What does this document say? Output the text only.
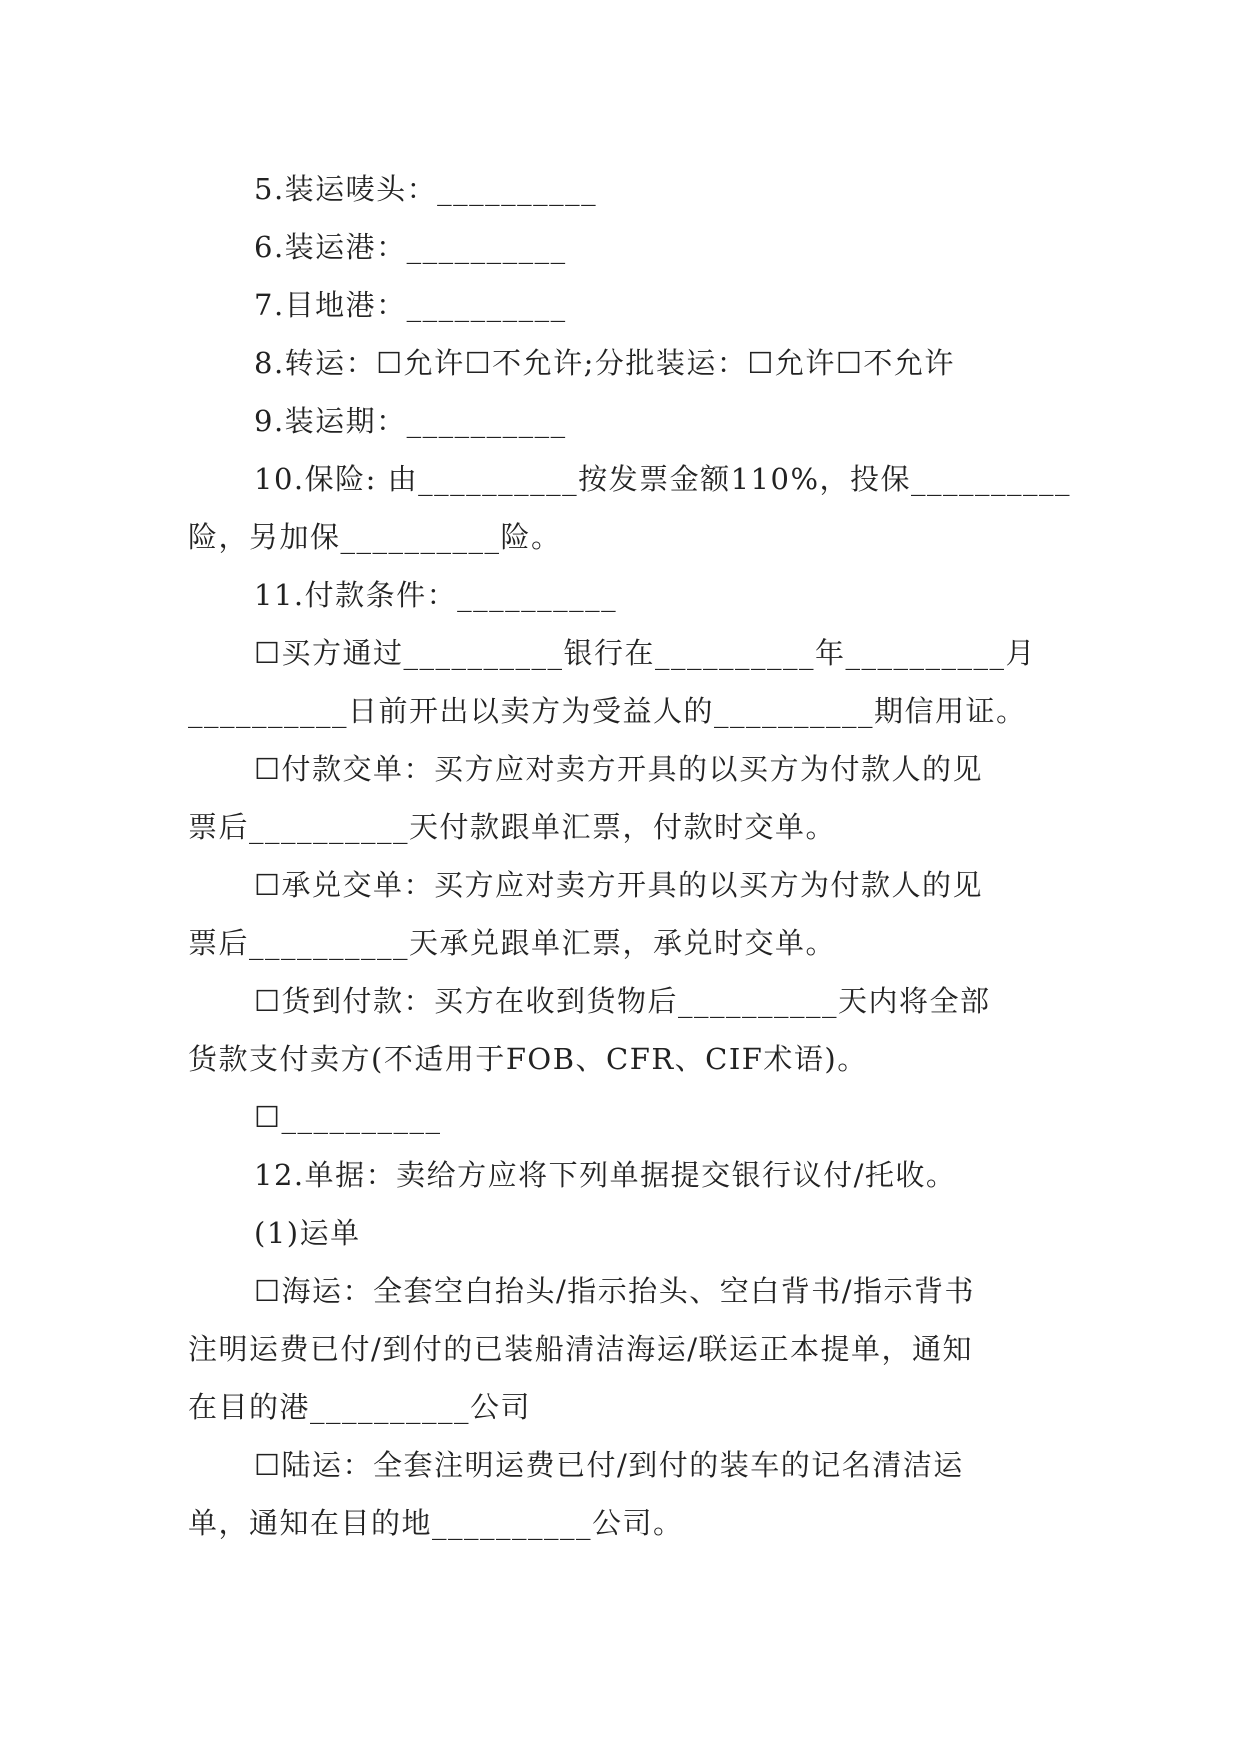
5.装运唛头：__________

6.装运港：__________

7.目地港：__________

8.转运：☐允许☐不允许;分批装运：☐允许☐不允许

9.装运期：__________

10.保险: 由__________按发票金额110%，投保__________

险，另加保__________险。

11.付款条件：__________

☐买方通过__________银行在__________年__________月

__________日前开出以卖方为受益人的__________期信用证。

☐付款交单：买方应对卖方开具的以买方为付款人的见

票后__________天付款跟单汇票，付款时交单。

☐承兑交单：买方应对卖方开具的以买方为付款人的见

票后__________天承兑跟单汇票，承兑时交单。

☐货到付款：买方在收到货物后__________天内将全部

货款支付卖方(不适用于FOB、CFR、CIF术语)。

☐__________

12.单据：卖给方应将下列单据提交银行议付/托收。

(1)运单

☐海运：全套空白抬头/指示抬头、空白背书/指示背书

注明运费已付/到付的已装船清洁海运/联运正本提单，通知

在目的港__________公司

☐陆运：全套注明运费已付/到付的装车的记名清洁运

单，通知在目的地__________公司。
